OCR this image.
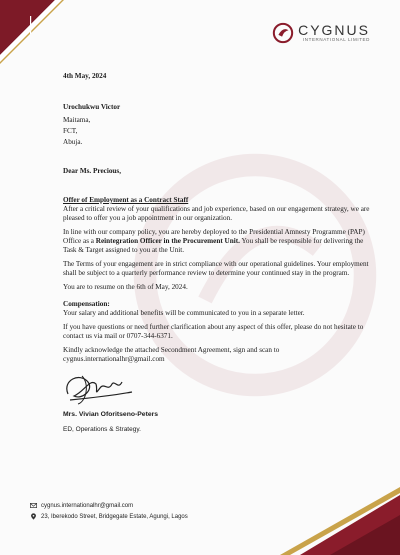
CYGNUS
INTERNATIONAL LIMITED
4th May, 2024
Urochukwu Victor
Maitama,
FCT,
Abuja.
Dear Ms. Precious,
Offer of Employment as a Contract Staff

After a critical review of your qualifications and job experience, based on our engagement strategy, we are pleased to offer you a job appointment in our organization.

In line with our company policy, you are hereby deployed to the Presidential Amnesty Programme (PAP) Office as a Reintegration Officer in the Procurement Unit. You shall be responsible for delivering the Task & Target assigned to you at the Unit.

The Terms of your engagement are in strict compliance with our operational guidelines. Your employment shall be subject to a quarterly performance review to determine your continued stay in the program.

You are to resume on the 6th of May, 2024.

Compensation:

Your salary and additional benefits will be communicated to you in a separate letter.

If you have questions or need further clarification about any aspect of this offer, please do not hesitate to contact us via mail or 0707-344-6371.

Kindly acknowledge the attached Secondment Agreement, sign and scan to
cygnus.internationalhr@gmail.com

Mrs. Vivian Oforitseno-Peters
ED, Operations & Strategy.
cygnus.internationalhr@gmail.com
23, Iberekodo Street, Bridgegate Estate, Agungi, Lagos
